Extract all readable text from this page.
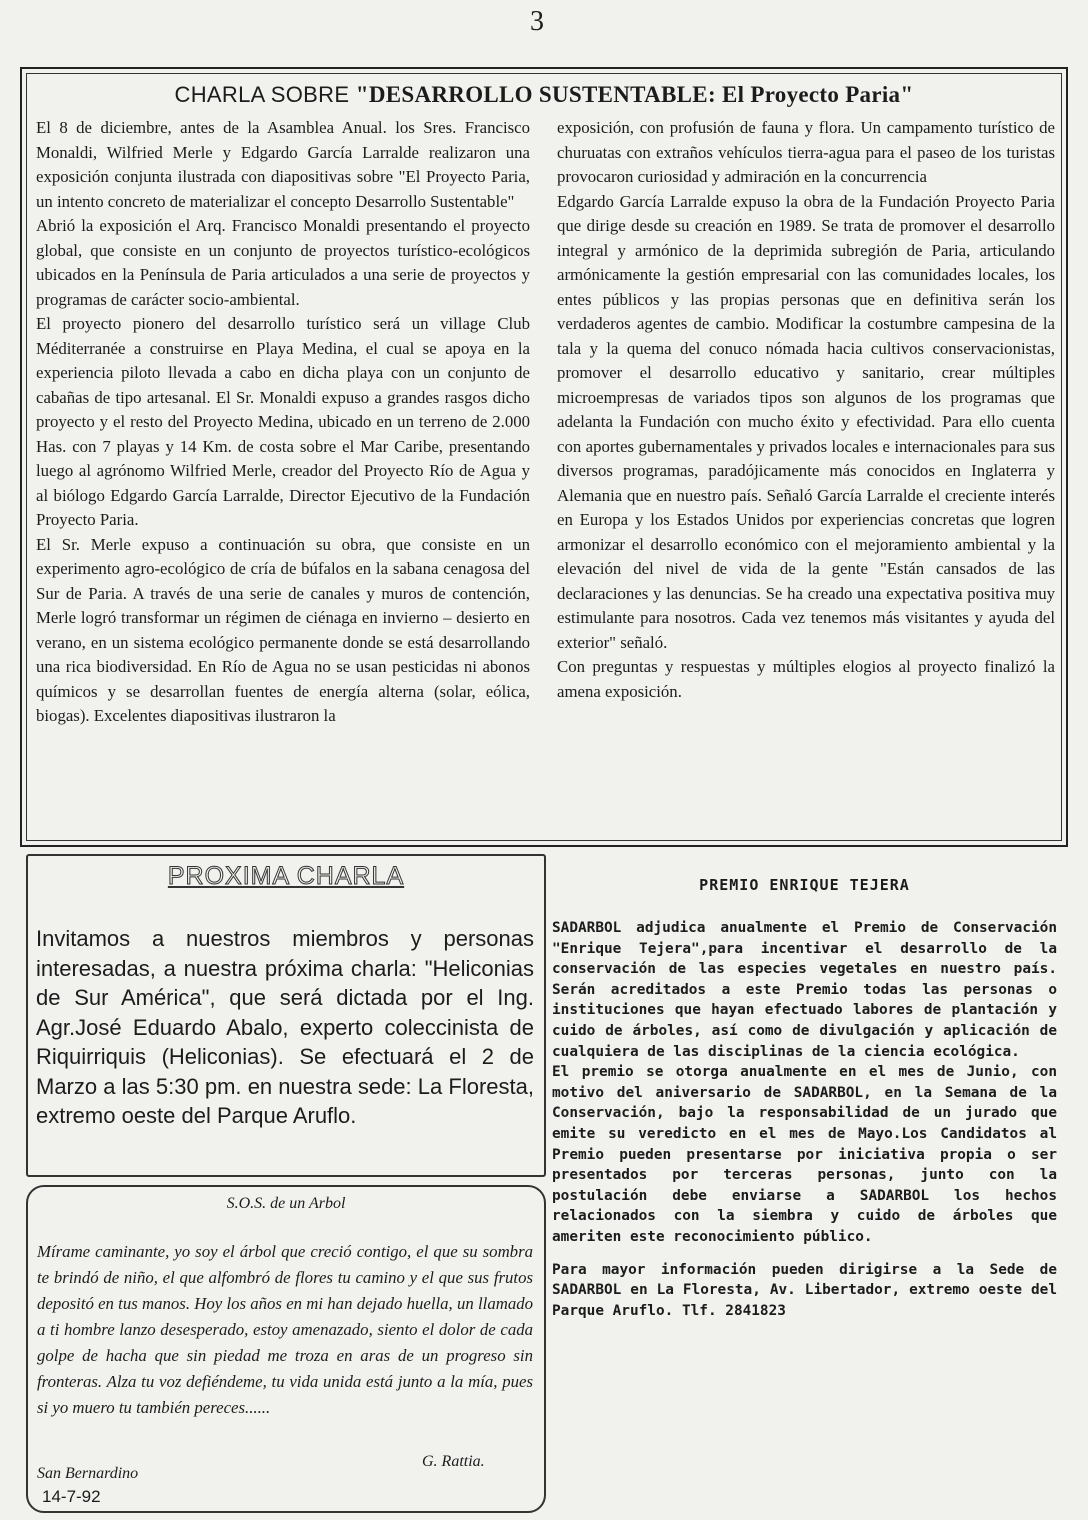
3
CHARLA SOBRE "DESARROLLO SUSTENTABLE: El Proyecto Paria"

El 8 de diciembre, antes de la Asamblea Anual. los Sres. Francisco Monaldi, Wilfried Merle y Edgardo García Larralde realizaron una exposición conjunta ilustrada con diapositivas sobre "El Proyecto Paria, un intento concreto de materializar el concepto Desarrollo Sustentable"

Abrió la exposición el Arq. Francisco Monaldi presentando el proyecto global, que consiste en un conjunto de proyectos turístico-ecológicos ubicados en la Península de Paria articulados a una serie de proyectos y programas de carácter socio-ambiental.

El proyecto pionero del desarrollo turístico será un village Club Méditerranée a construirse en Playa Medina, el cual se apoya en la experiencia piloto llevada a cabo en dicha playa con un conjunto de cabañas de tipo artesanal. El Sr. Monaldi expuso a grandes rasgos dicho proyecto y el resto del Proyecto Medina, ubicado en un terreno de 2.000 Has. con 7 playas y 14 Km. de costa sobre el Mar Caribe, presentando luego al agrónomo Wilfried Merle, creador del Proyecto Río de Agua y al biólogo Edgardo García Larralde, Director Ejecutivo de la Fundación Proyecto Paria.

El Sr. Merle expuso a continuación su obra, que consiste en un experimento agro-ecológico de cría de búfalos en la sabana cenagosa del Sur de Paria. A través de una serie de canales y muros de contención, Merle logró transformar un régimen de ciénaga en invierno – desierto en verano, en un sistema ecológico permanente donde se está desarrollando una rica biodiversidad. En Río de Agua no se usan pesticidas ni abonos químicos y se desarrollan fuentes de energía alterna (solar, eólica, biogas). Excelentes diapositivas ilustraron la

exposición, con profusión de fauna y flora. Un campamento turístico de churuatas con extraños vehículos tierra-agua para el paseo de los turistas provocaron curiosidad y admiración en la concurrencia

Edgardo García Larralde expuso la obra de la Fundación Proyecto Paria que dirige desde su creación en 1989. Se trata de promover el desarrollo integral y armónico de la deprimida subregión de Paria, articulando armónicamente la gestión empresarial con las comunidades locales, los entes públicos y las propias personas que en definitiva serán los verdaderos agentes de cambio. Modificar la costumbre campesina de la tala y la quema del conuco nómada hacia cultivos conservacionistas, promover el desarrollo educativo y sanitario, crear múltiples microempresas de variados tipos son algunos de los programas que adelanta la Fundación con mucho éxito y efectividad. Para ello cuenta con aportes gubernamentales y privados locales e internacionales para sus diversos programas, paradójicamente más conocidos en Inglaterra y Alemania que en nuestro país. Señaló García Larralde el creciente interés en Europa y los Estados Unidos por experiencias concretas que logren armonizar el desarrollo económico con el mejoramiento ambiental y la elevación del nivel de vida de la gente "Están cansados de las declaraciones y las denuncias. Se ha creado una expectativa positiva muy estimulante para nosotros. Cada vez tenemos más visitantes y ayuda del exterior" señaló.

Con preguntas y respuestas y múltiples elogios al proyecto finalizó la amena exposición.

PROXIMA CHARLA

Invitamos a nuestros miembros y personas interesadas, a nuestra próxima charla: "Heliconias de Sur América", que será dictada por el Ing. Agr.José Eduardo Abalo, experto coleccinista de Riquirriquis (Heliconias). Se efectuará el 2 de Marzo a las 5:30 pm. en nuestra sede: La Floresta, extremo oeste del Parque Aruflo.

S.O.S. de un Arbol

Mírame caminante, yo soy el árbol que creció contigo, el que su sombra te brindó de niño, el que alfombró de flores tu camino y el que sus frutos depositó en tus manos. Hoy los años en mi han dejado huella, un llamado a ti hombre lanzo desesperado, estoy amenazado, siento el dolor de cada golpe de hacha que sin piedad me troza en aras de un progreso sin fronteras. Alza tu voz defiéndeme, tu vida unida está junto a la mía, pues si yo muero tu también pereces......

G. Rattia.
San Bernardino
14-7-92
PREMIO ENRIQUE TEJERA

SADARBOL adjudica anualmente el Premio de Conservación "Enrique Tejera",para incentivar el desarrollo de la conservación de las especies vegetales en nuestro país. Serán acreditados a este Premio todas las personas o instituciones que hayan efectuado labores de plantación y cuido de árboles, así como de divulgación y aplicación de cualquiera de las disciplinas de la ciencia ecológica.

El premio se otorga anualmente en el mes de Junio, con motivo del aniversario de SADARBOL, en la Semana de la Conservación, bajo la responsabilidad de un jurado que emite su veredicto en el mes de Mayo.Los Candidatos al Premio pueden presentarse por iniciativa propia o ser presentados por terceras personas, junto con la postulación debe enviarse a SADARBOL los hechos relacionados con la siembra y cuido de árboles que ameriten este reconocimiento público.

Para mayor información pueden dirigirse a la Sede de SADARBOL en La Floresta, Av. Libertador, extremo oeste del Parque Aruflo. Tlf. 2841823
